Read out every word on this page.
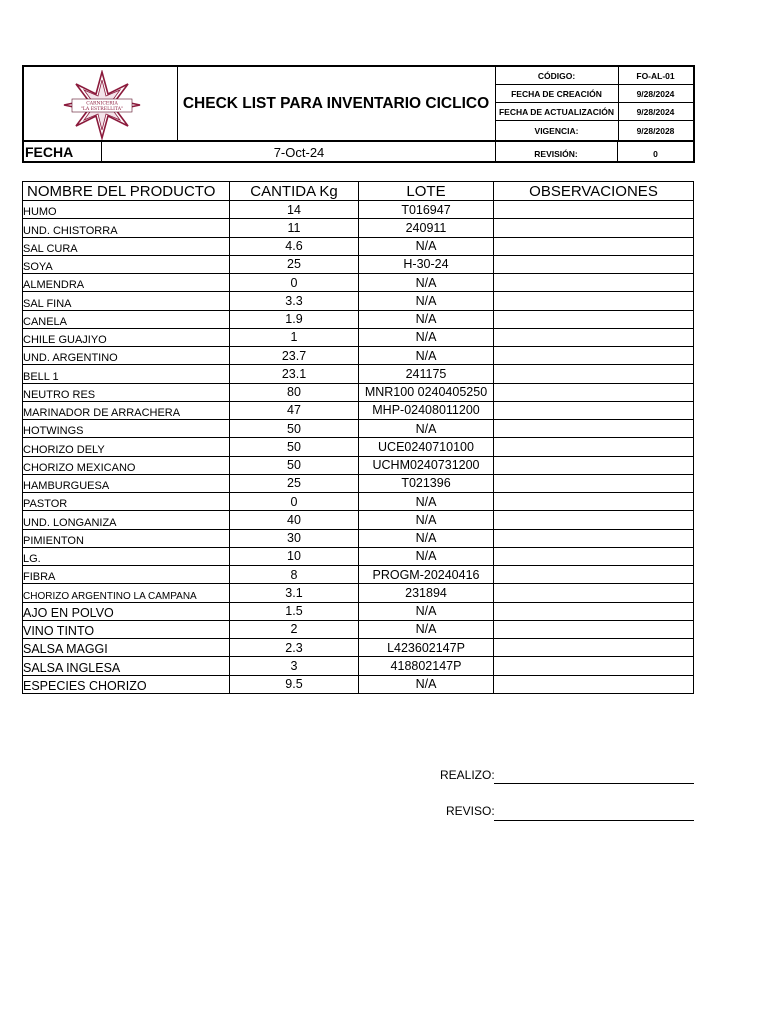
CARNICERIA
"LA ESTRELLITA"	CHECK LIST PARA INVENTARIO CICLICO
CÓDIGO:	FO-AL-01
FECHA DE CREACIÓN	9/28/2024
FECHA DE ACTUALIZACIÓN	9/28/2024
VIGENCIA:	9/28/2028
FECHA	7-Oct-24	REVISIÓN:	0
NOMBRE DEL PRODUCTO	CANTIDA Kg	LOTE	OBSERVACIONES
HUMO	14	T016947	
UND. CHISTORRA	11	240911	
SAL CURA	4.6	N/A	
SOYA	25	H-30-24	
ALMENDRA	0	N/A	
SAL FINA	3.3	N/A	
CANELA	1.9	N/A	
CHILE GUAJIYO	1	N/A	
UND. ARGENTINO	23.7	N/A	
BELL 1	23.1	241175	
NEUTRO RES	80	MNR100 0240405250	
MARINADOR DE ARRACHERA	47	MHP-02408011200	
HOTWINGS	50	N/A	
CHORIZO DELY	50	UCE0240710100	
CHORIZO MEXICANO	50	UCHM0240731200	
HAMBURGUESA	25	T021396	
PASTOR	0	N/A	
UND. LONGANIZA	40	N/A	
PIMIENTON	30	N/A	
LG.	10	N/A	
FIBRA	8	PROGM-20240416	
CHORIZO ARGENTINO LA CAMPANA	3.1	231894	
AJO EN POLVO	1.5	N/A	
VINO TINTO	2	N/A	
SALSA MAGGI	2.3	L423602147P	
SALSA INGLESA	3	418802147P	
ESPECIES CHORIZO	9.5	N/A	
REALIZO:
REVISO:
